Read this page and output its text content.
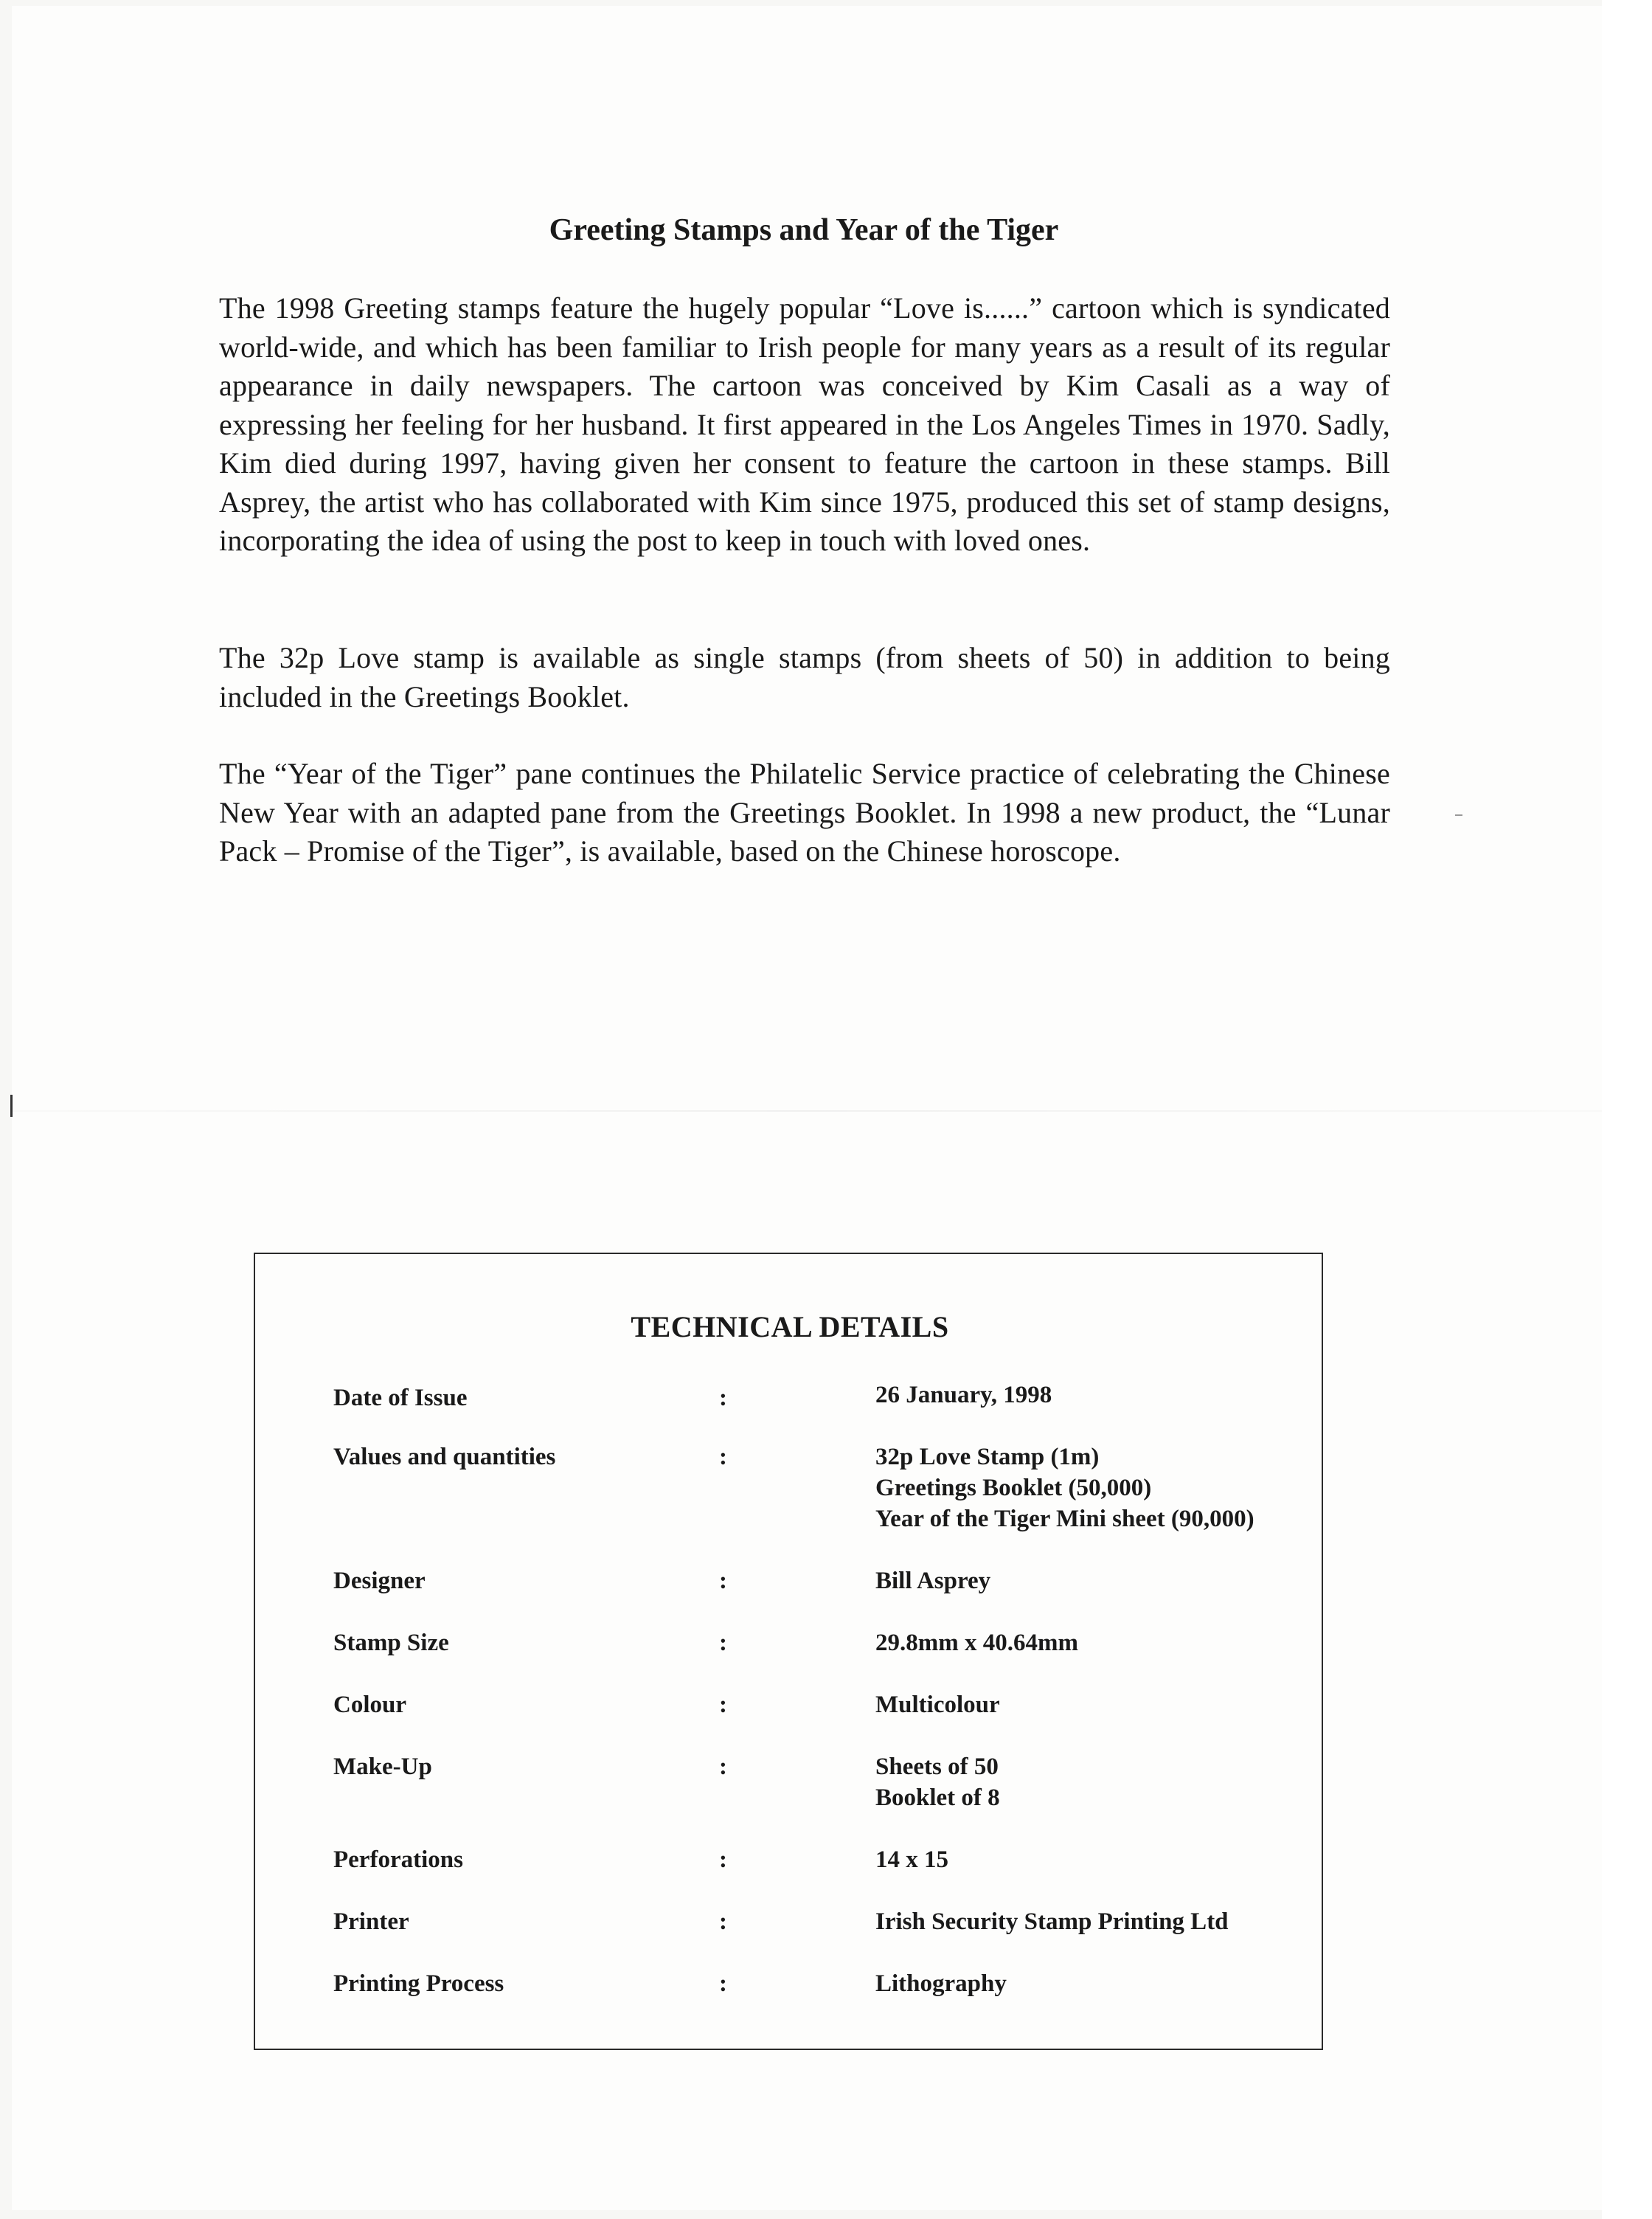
Greeting Stamps and Year of the Tiger

The 1998 Greeting stamps feature the hugely popular “Love is......” cartoon which is syndicated world-wide, and which has been familiar to Irish people for many years as a result of its regular appearance in daily newspapers. The cartoon was conceived by Kim Casali as a way of expressing her feeling for her husband. It first appeared in the Los Angeles Times in 1970. Sadly, Kim died during 1997, having given her consent to feature the cartoon in these stamps. Bill Asprey, the artist who has collaborated with Kim since 1975, produced this set of stamp designs, incorporating the idea of using the post to keep in touch with loved ones.

The 32p Love stamp is available as single stamps (from sheets of 50) in addition to being included in the Greetings Booklet.

The “Year of the Tiger” pane continues the Philatelic Service practice of celebrating the Chinese New Year with an adapted pane from the Greetings Booklet. In 1998 a new product, the “Lunar Pack – Promise of the Tiger”, is available, based on the Chinese horoscope.

TECHNICAL DETAILS
Date of Issue	:	26 January, 1998
Values and quantities	:	32p Love Stamp (1m)
Greetings Booklet (50,000)
Year of the Tiger Mini sheet (90,000)
Designer	:	Bill Asprey
Stamp Size	:	29.8mm x 40.64mm
Colour	:	Multicolour
Make-Up	:	Sheets of 50
Booklet of 8
Perforations	:	14 x 15
Printer	:	Irish Security Stamp Printing Ltd
Printing Process	:	Lithography
